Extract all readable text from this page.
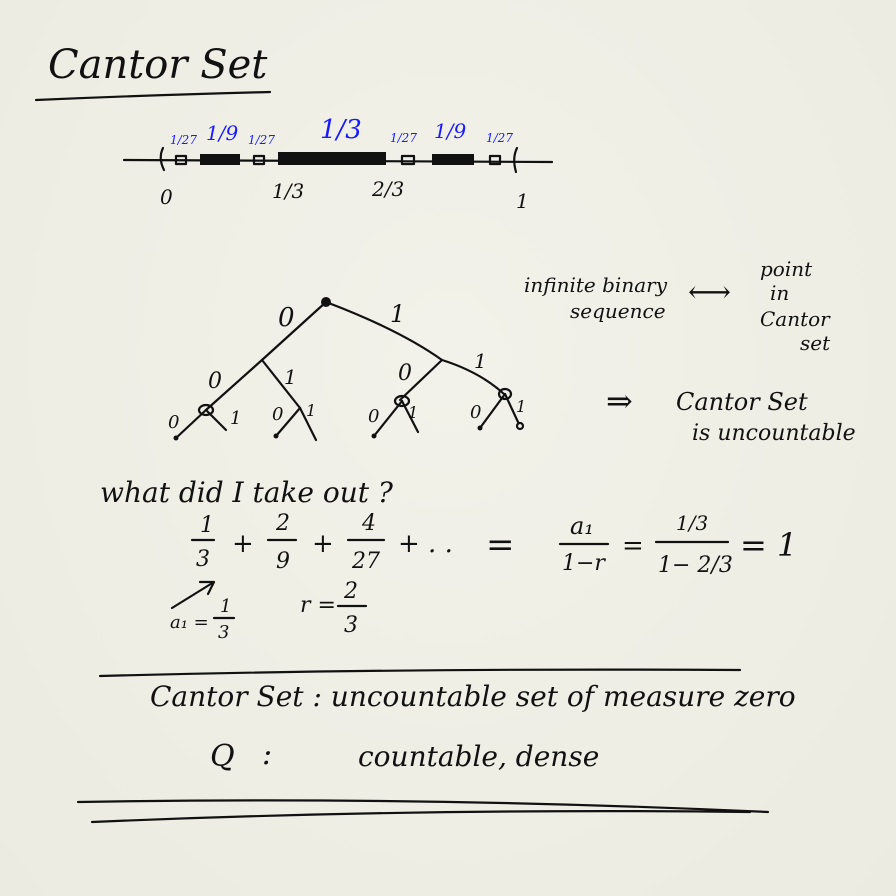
Cantor Set
1/27 1/9 1/27 1/3 1/27 1/9 1/27
0	1/3	2/3	1
infinite binary
sequence
⟷
point
in
Cantor
set
0	1
0	1	0	1
0	1 0 1	0 1	0 1 ⇒ Cantor Set
is uncountable
what did I take out ?
1
3
+
2
9
+
4
27
+ . . = a₁
1−r
=
1/3
1− 2/3
= 1
a₁ =
1
3
r =
2
3
Cantor Set : uncountable set of measure zero
Q :	countable, dense
